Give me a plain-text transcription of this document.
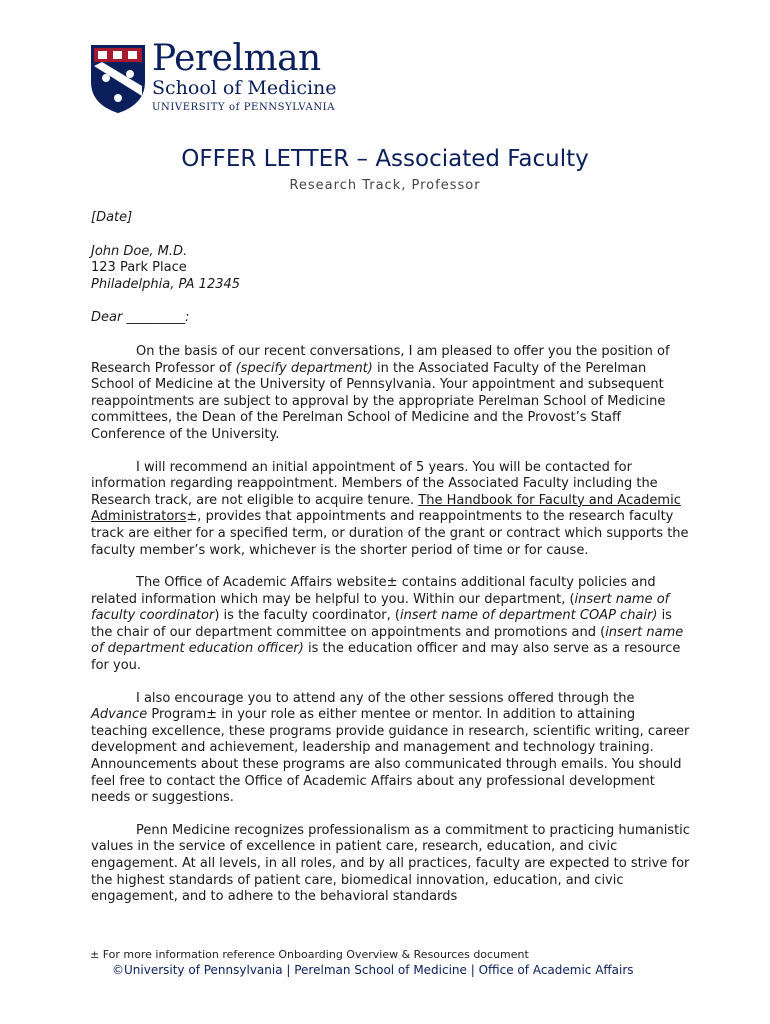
Perelman
School of Medicine
UNIVERSITY of PENNSYLVANIA
OFFER LETTER – Associated Faculty
Research Track, Professor

[Date]

John Doe, M.D.
123 Park Place
Philadelphia, PA 12345

Dear _________:

On the basis of our recent conversations, I am pleased to offer you the position of Research Professor of (specify department) in the Associated Faculty of the Perelman School of Medicine at the University of Pennsylvania. Your appointment and subsequent reappointments are subject to approval by the appropriate Perelman School of Medicine committees, the Dean of the Perelman School of Medicine and the Provost’s Staff Conference of the University.

I will recommend an initial appointment of 5 years. You will be contacted for information regarding reappointment. Members of the Associated Faculty including the Research track, are not eligible to acquire tenure. The Handbook for Faculty and Academic Administrators±, provides that appointments and reappointments to the research faculty track are either for a specified term, or duration of the grant or contract which supports the faculty member’s work, whichever is the shorter period of time or for cause.

The Office of Academic Affairs website± contains additional faculty policies and related information which may be helpful to you. Within our department, (insert name of faculty coordinator) is the faculty coordinator, (insert name of department COAP chair) is the chair of our department committee on appointments and promotions and (insert name of department education officer) is the education officer and may also serve as a resource for you.

I also encourage you to attend any of the other sessions offered through the Advance Program± in your role as either mentee or mentor. In addition to attaining teaching excellence, these programs provide guidance in research, scientific writing, career development and achievement, leadership and management and technology training. Announcements about these programs are also communicated through emails. You should feel free to contact the Office of Academic Affairs about any professional development needs or suggestions.

Penn Medicine recognizes professionalism as a commitment to practicing humanistic values in the service of excellence in patient care, research, education, and civic engagement. At all levels, in all roles, and by all practices, faculty are expected to strive for the highest standards of patient care, biomedical innovation, education, and civic engagement, and to adhere to the behavioral standards

± For more information reference Onboarding Overview & Resources document
©University of Pennsylvania | Perelman School of Medicine | Office of Academic Affairs
